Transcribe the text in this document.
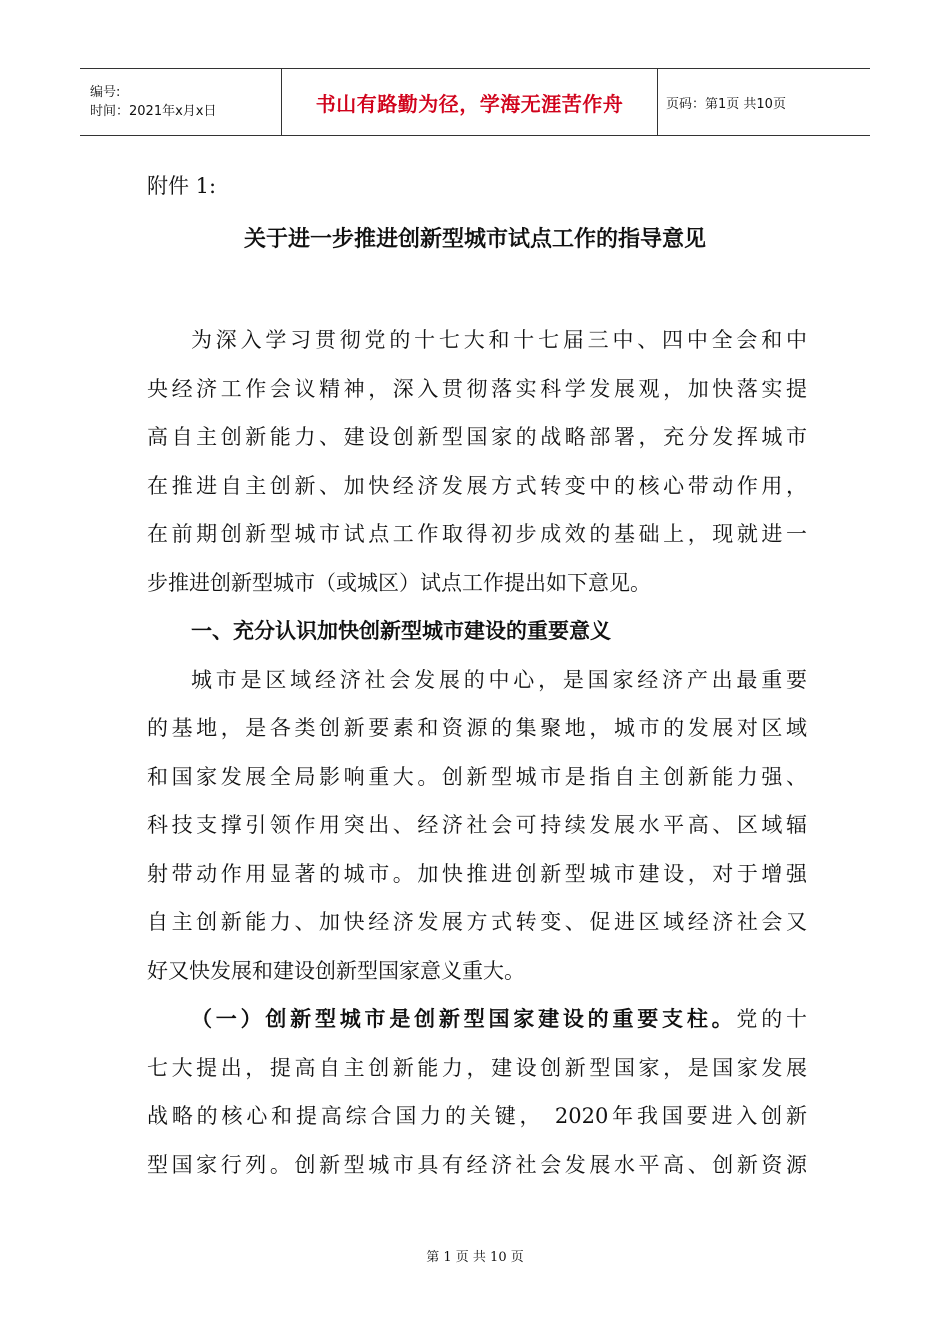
编号:
时间：2021年x月x日	书山有路勤为径，学海无涯苦作舟	页码：第1页 共10页
附件 1:
关于进一步推进创新型城市试点工作的指导意见
为深入学习贯彻党的十七大和十七届三中、四中全会和中
央经济工作会议精神，深入贯彻落实科学发展观，加快落实提
高自主创新能力、建设创新型国家的战略部署，充分发挥城市
在推进自主创新、加快经济发展方式转变中的核心带动作用，
在前期创新型城市试点工作取得初步成效的基础上，现就进一
步推进创新型城市（或城区）试点工作提出如下意见。
一、充分认识加快创新型城市建设的重要意义
城市是区域经济社会发展的中心，是国家经济产出最重要
的基地，是各类创新要素和资源的集聚地，城市的发展对区域
和国家发展全局影响重大。创新型城市是指自主创新能力强、
科技支撑引领作用突出、经济社会可持续发展水平高、区域辐
射带动作用显著的城市。加快推进创新型城市建设，对于增强
自主创新能力、加快经济发展方式转变、促进区域经济社会又
好又快发展和建设创新型国家意义重大。
（一）创新型城市是创新型国家建设的重要支柱。党的十
七大提出，提高自主创新能力，建设创新型国家，是国家发展
战略的核心和提高综合国力的关键， 2020年我国要进入创新
型国家行列。创新型城市具有经济社会发展水平高、创新资源
第 1 页 共 10 页
